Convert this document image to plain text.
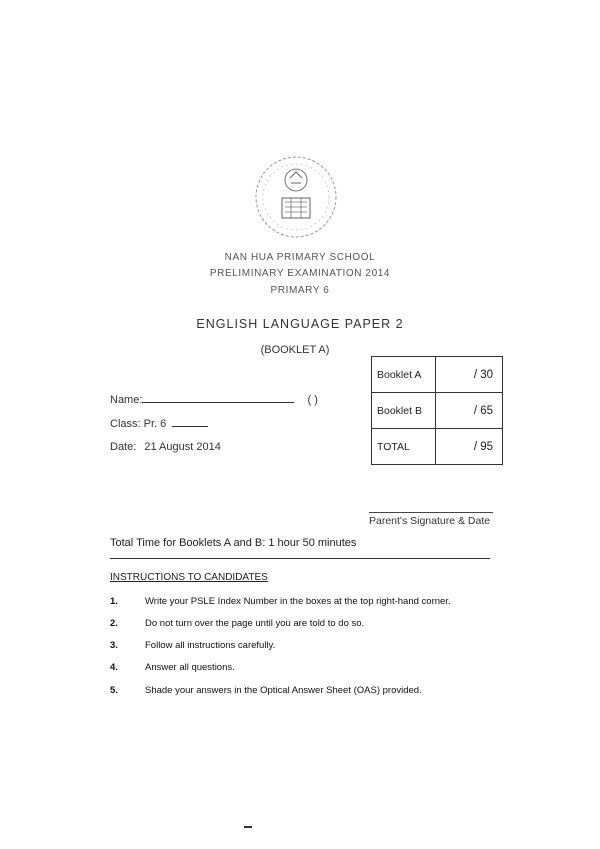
NAN HUA PRIMARY SCHOOL
PRELIMINARY EXAMINATION 2014
PRIMARY 6
ENGLISH LANGUAGE PAPER 2
(BOOKLET A)
Name:	( )
Class: Pr. 6
Date: 21 August 2014
Booklet A	/ 30
Booklet B	/ 65
TOTAL	/ 95
Parent's Signature & Date
Total Time for Booklets A and B: 1 hour 50 minutes
INSTRUCTIONS TO CANDIDATES
1.	Write your PSLE Index Number in the boxes at the top right-hand corner.
2.	Do not turn over the page until you are told to do so.
3.	Follow all instructions carefully.
4.	Answer all questions.
5.	Shade your answers in the Optical Answer Sheet (OAS) provided.
